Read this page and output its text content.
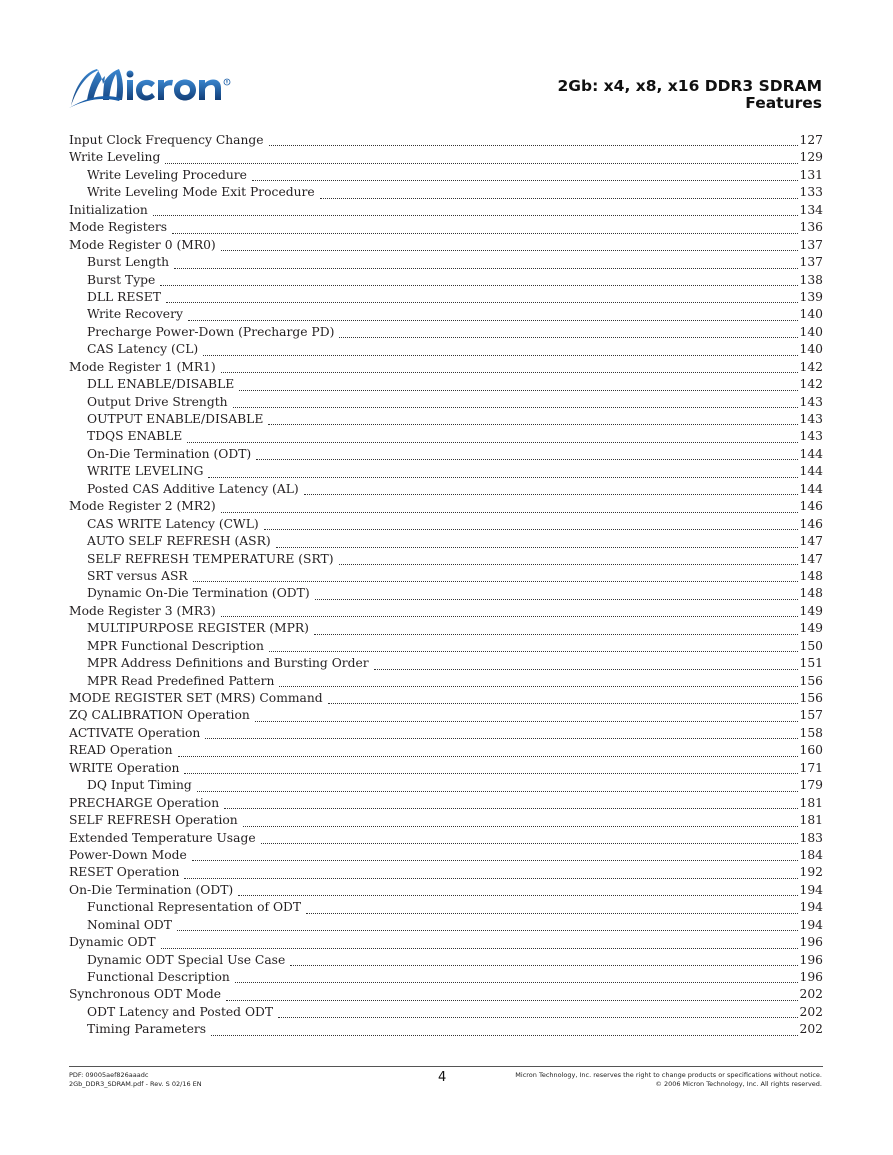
R	2Gb: x4, x8, x16 DDR3 SDRAM
Features
Input Clock Frequency Change	127
Write Leveling	129
Write Leveling Procedure	131
Write Leveling Mode Exit Procedure	133
Initialization	134
Mode Registers	136
Mode Register 0 (MR0)	137
Burst Length	137
Burst Type	138
DLL RESET	139
Write Recovery	140
Precharge Power-Down (Precharge PD)	140
CAS Latency (CL)	140
Mode Register 1 (MR1)	142
DLL ENABLE/DISABLE	142
Output Drive Strength	143
OUTPUT ENABLE/DISABLE	143
TDQS ENABLE	143
On-Die Termination (ODT)	144
WRITE LEVELING	144
Posted CAS Additive Latency (AL)	144
Mode Register 2 (MR2)	146
CAS WRITE Latency (CWL)	146
AUTO SELF REFRESH (ASR)	147
SELF REFRESH TEMPERATURE (SRT)	147
SRT versus ASR	148
Dynamic On-Die Termination (ODT)	148
Mode Register 3 (MR3)	149
MULTIPURPOSE REGISTER (MPR)	149
MPR Functional Description	150
MPR Address Definitions and Bursting Order	151
MPR Read Predefined Pattern	156
MODE REGISTER SET (MRS) Command	156
ZQ CALIBRATION Operation	157
ACTIVATE Operation	158
READ Operation	160
WRITE Operation	171
DQ Input Timing	179
PRECHARGE Operation	181
SELF REFRESH Operation	181
Extended Temperature Usage	183
Power-Down Mode	184
RESET Operation	192
On-Die Termination (ODT)	194
Functional Representation of ODT	194
Nominal ODT	194
Dynamic ODT	196
Dynamic ODT Special Use Case	196
Functional Description	196
Synchronous ODT Mode	202
ODT Latency and Posted ODT	202
Timing Parameters	202
PDF: 09005aef826aaadc
2Gb_DDR3_SDRAM.pdf - Rev. S 02/16 EN	4	Micron Technology, Inc. reserves the right to change products or specifications without notice.
© 2006 Micron Technology, Inc. All rights reserved.
